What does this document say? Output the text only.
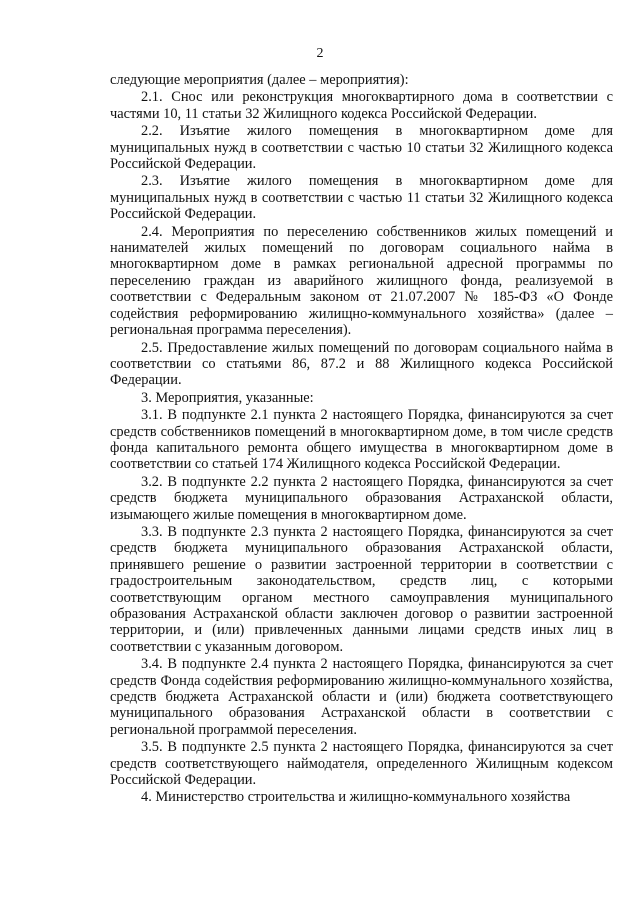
2

следующие мероприятия (далее – мероприятия):

2.1. Снос или реконструкция многоквартирного дома в соответствии с частями 10, 11 статьи 32 Жилищного кодекса Российской Федерации.

2.2. Изъятие жилого помещения в многоквартирном доме для муниципальных нужд в соответствии с частью 10 статьи 32 Жилищного кодекса Российской Федерации.

2.3. Изъятие жилого помещения в многоквартирном доме для муниципальных нужд в соответствии с частью 11 статьи 32 Жилищного кодекса Российской Федерации.

2.4. Мероприятия по переселению собственников жилых помещений и нанимателей жилых помещений по договорам социального найма в многоквартирном доме в рамках региональной адресной программы по переселению граждан из аварийного жилищного фонда, реализуемой в соответствии с Федеральным законом от 21.07.2007 № 185-ФЗ «О Фонде содействия реформированию жилищно-коммунального хозяйства» (далее – региональная программа переселения).

2.5. Предоставление жилых помещений по договорам социального найма в соответствии со статьями 86, 87.2 и 88 Жилищного кодекса Российской Федерации.

3. Мероприятия, указанные:

3.1. В подпункте 2.1 пункта 2 настоящего Порядка, финансируются за счет средств собственников помещений в многоквартирном доме, в том числе средств фонда капитального ремонта общего имущества в многоквартирном доме в соответствии со статьей 174 Жилищного кодекса Российской Федерации.

3.2. В подпункте 2.2 пункта 2 настоящего Порядка, финансируются за счет средств бюджета муниципального образования Астраханской области, изымающего жилые помещения в многоквартирном доме.

3.3. В подпункте 2.3 пункта 2 настоящего Порядка, финансируются за счет средств бюджета муниципального образования Астраханской области, принявшего решение о развитии застроенной территории в соответствии с градостроительным законодательством, средств лиц, с которыми соответствующим органом местного самоуправления муниципального образования Астраханской области заключен договор о развитии застроенной территории, и (или) привлеченных данными лицами средств иных лиц в соответствии с указанным договором.

3.4. В подпункте 2.4 пункта 2 настоящего Порядка, финансируются за счет средств Фонда содействия реформированию жилищно-коммунального хозяйства, средств бюджета Астраханской области и (или) бюджета соответствующего муниципального образования Астраханской области в соответствии с региональной программой переселения.

3.5. В подпункте 2.5 пункта 2 настоящего Порядка, финансируются за счет средств соответствующего наймодателя, определенного Жилищным кодексом Российской Федерации.

4. Министерство строительства и жилищно-коммунального хозяйства
